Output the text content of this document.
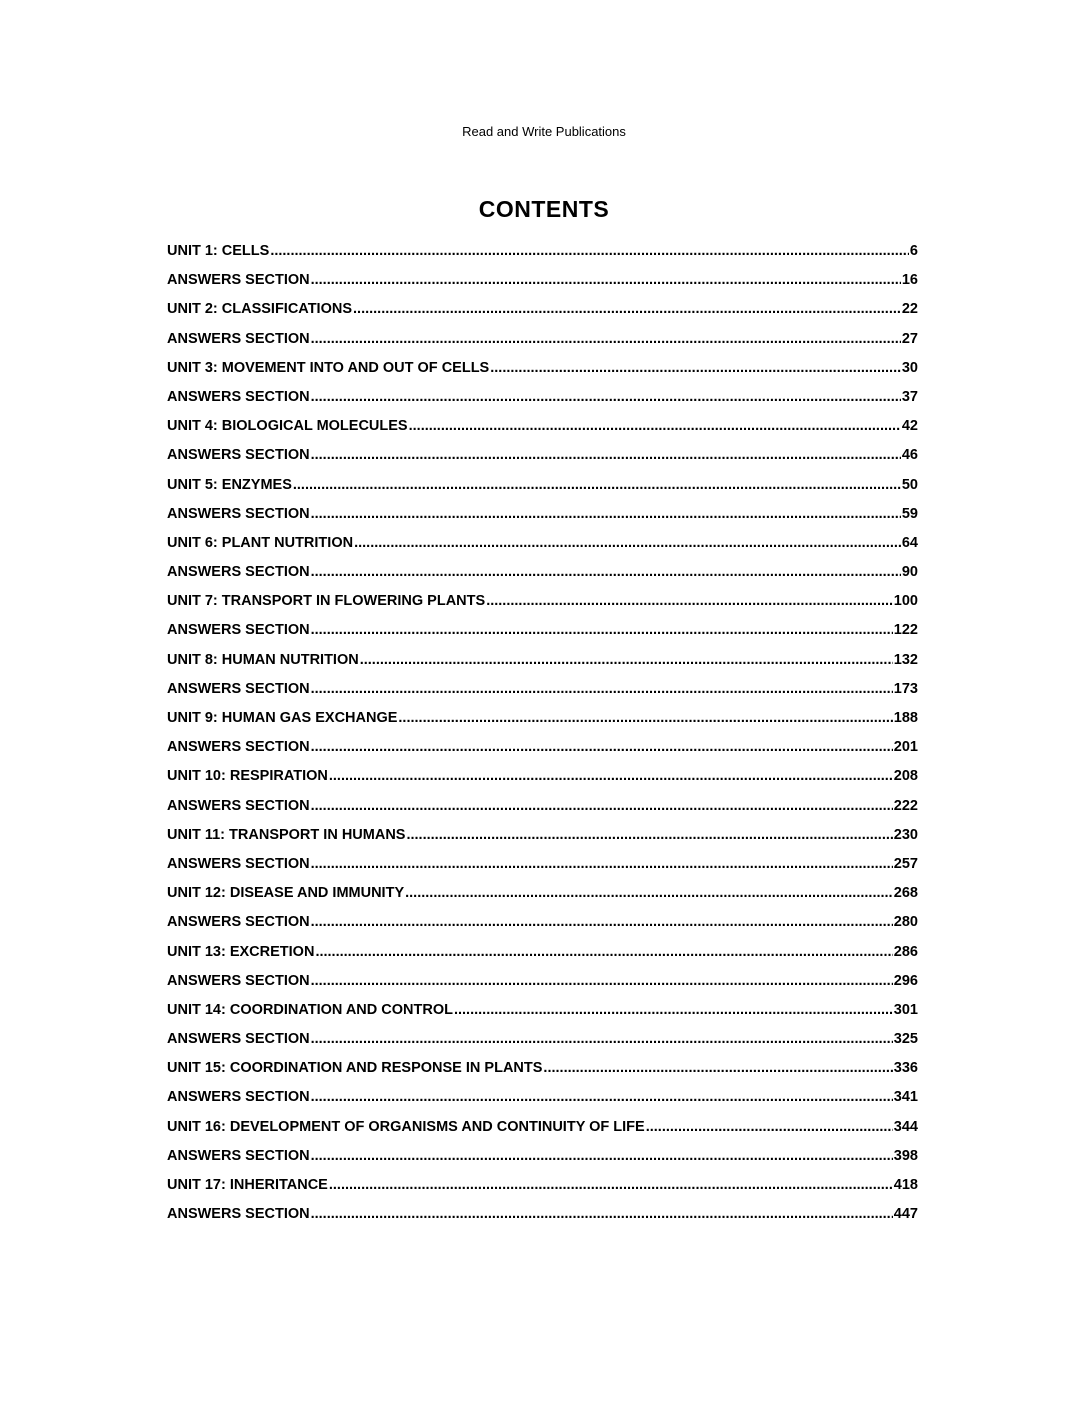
Read and Write Publications
CONTENTS
UNIT 1: CELLS .....	6
ANSWERS SECTION .....	16
UNIT 2: CLASSIFICATIONS .....	22
ANSWERS SECTION .....	27
UNIT 3: MOVEMENT INTO AND OUT OF CELLS .....	30
ANSWERS SECTION .....	37
UNIT 4: BIOLOGICAL MOLECULES .....	42
ANSWERS SECTION .....	46
UNIT 5: ENZYMES .....	50
ANSWERS SECTION .....	59
UNIT 6: PLANT NUTRITION .....	64
ANSWERS SECTION .....	90
UNIT 7: TRANSPORT IN FLOWERING PLANTS .....	100
ANSWERS SECTION .....	122
UNIT 8: HUMAN NUTRITION .....	132
ANSWERS SECTION .....	173
UNIT 9: HUMAN GAS EXCHANGE .....	188
ANSWERS SECTION .....	201
UNIT 10: RESPIRATION .....	208
ANSWERS SECTION .....	222
UNIT 11: TRANSPORT IN HUMANS .....	230
ANSWERS SECTION .....	257
UNIT 12: DISEASE AND IMMUNITY .....	268
ANSWERS SECTION .....	280
UNIT 13: EXCRETION .....	286
ANSWERS SECTION .....	296
UNIT 14: COORDINATION AND CONTROL .....	301
ANSWERS SECTION .....	325
UNIT 15: COORDINATION AND RESPONSE IN PLANTS .....	336
ANSWERS SECTION .....	341
UNIT 16: DEVELOPMENT OF ORGANISMS AND CONTINUITY OF LIFE .....	344
ANSWERS SECTION .....	398
UNIT 17: INHERITANCE .....	418
ANSWERS SECTION .....	447
